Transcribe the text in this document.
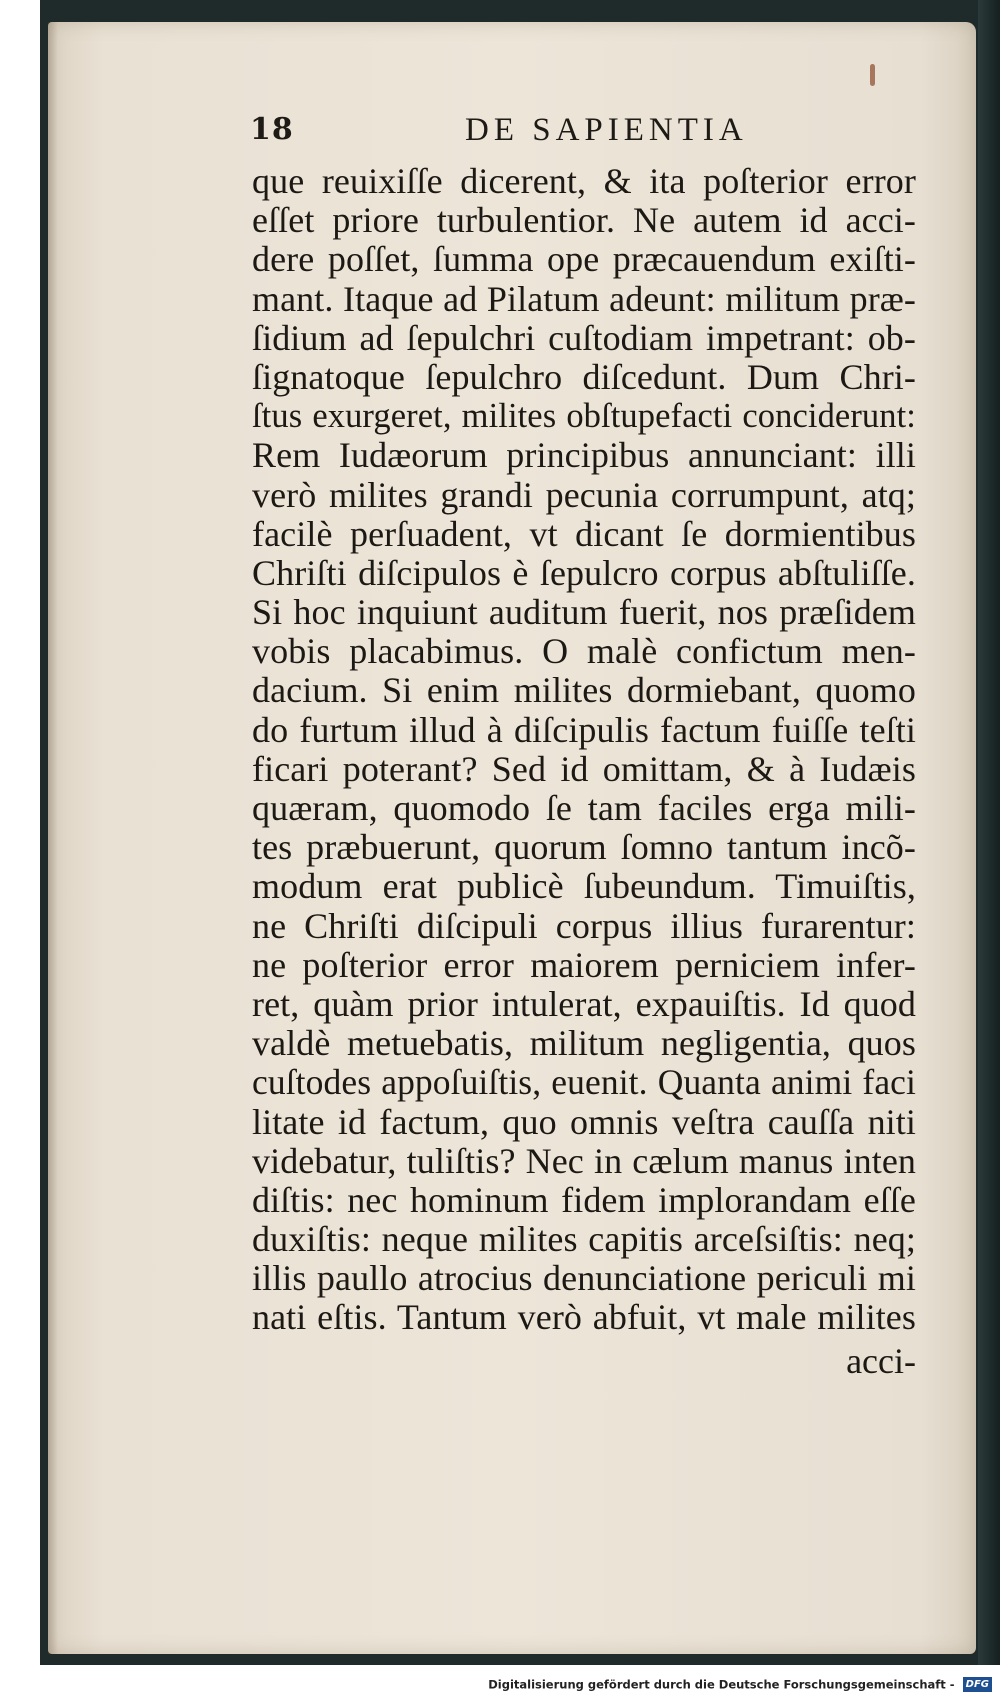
18	DE SAPIENTIA
que reuixiſſe dicerent, & ita poſterior error
eſſet priore turbulentior. Ne autem id acci-
dere poſſet, ſumma ope præcauendum exiſti-
mant. Itaque ad Pilatum adeunt: militum præ-
ſidium ad ſepulchri cuſtodiam impetrant: ob-
ſignatoque ſepulchro diſcedunt. Dum Chri-
ſtus exurgeret, milites obſtupefacti conciderunt:
Rem Iudæorum principibus annunciant: illi
verò milites grandi pecunia corrumpunt, atq;
facilè perſuadent, vt dicant ſe dormientibus
Chriſti diſcipulos è ſepulcro corpus abſtuliſſe.
Si hoc inquiunt auditum fuerit, nos præſidem
vobis placabimus. O malè confictum men-
dacium. Si enim milites dormiebant, quomo
do furtum illud à diſcipulis factum fuiſſe teſti
ficari poterant? Sed id omittam, & à Iudæis
quæram, quomodo ſe tam faciles erga mili-
tes præbuerunt, quorum ſomno tantum incõ-
modum erat publicè ſubeundum. Timuiſtis,
ne Chriſti diſcipuli corpus illius furarentur:
ne poſterior error maiorem perniciem infer-
ret, quàm prior intulerat, expauiſtis. Id quod
valdè metuebatis, militum negligentia, quos
cuſtodes appoſuiſtis, euenit. Quanta animi faci
litate id factum, quo omnis veſtra cauſſa niti
videbatur, tuliſtis? Nec in cælum manus inten
diſtis: nec hominum fidem implorandam eſſe
duxiſtis: neque milites capitis arceſsiſtis: neq;
illis paullo atrocius denunciatione periculi mi
nati eſtis. Tantum verò abfuit, vt male milites
acci-
Digitalisierung gefördert durch die Deutsche Forschungsgemeinschaft - DFG
